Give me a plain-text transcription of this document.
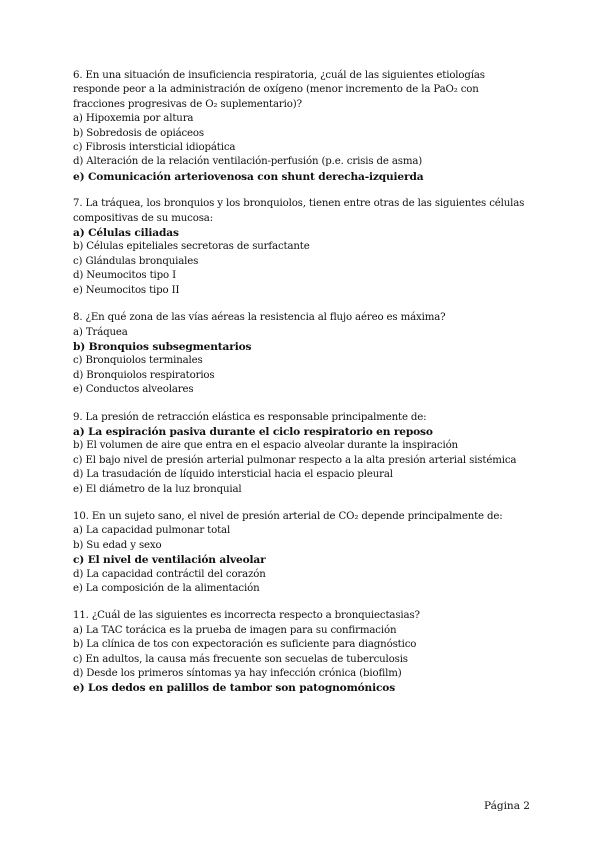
6. En una situación de insuficiencia respiratoria, ¿cuál de las siguientes etiologías responde peor a la administración de oxígeno (menor incremento de la PaO₂ con fracciones progresivas de O₂ suplementario)?
a) Hipoxemia por altura
b) Sobredosis de opiáceos
c) Fibrosis intersticial idiopática
d) Alteración de la relación ventilación-perfusión (p.e. crisis de asma)
e) Comunicación arteriovenosa con shunt derecha-izquierda
7. La tráquea, los bronquios y los bronquiolos, tienen entre otras de las siguientes células compositivas de su mucosa:
a) Células ciliadas
b) Células epiteliales secretoras de surfactante
c) Glándulas bronquiales
d) Neumocitos tipo I
e) Neumocitos tipo II
8. ¿En qué zona de las vías aéreas la resistencia al flujo aéreo es máxima?
a) Tráquea
b) Bronquios subsegmentarios
c) Bronquiolos terminales
d) Bronquiolos respiratorios
e) Conductos alveolares
9. La presión de retracción elástica es responsable principalmente de:
a) La espiración pasiva durante el ciclo respiratorio en reposo
b) El volumen de aire que entra en el espacio alveolar durante la inspiración
c) El bajo nivel de presión arterial pulmonar respecto a la alta presión arterial sistémica
d) La trasudación de líquido intersticial hacia el espacio pleural
e) El diámetro de la luz bronquial
10. En un sujeto sano, el nivel de presión arterial de CO₂ depende principalmente de:
a) La capacidad pulmonar total
b) Su edad y sexo
c) El nivel de ventilación alveolar
d) La capacidad contráctil del corazón
e) La composición de la alimentación
11. ¿Cuál de las siguientes es incorrecta respecto a bronquiectasias?
a) La TAC torácica es la prueba de imagen para su confirmación
b) La clínica de tos con expectoración es suficiente para diagnóstico
c) En adultos, la causa más frecuente son secuelas de tuberculosis
d) Desde los primeros síntomas ya hay infección crónica (biofilm)
e) Los dedos en palillos de tambor son patognomónicos
Página 2
